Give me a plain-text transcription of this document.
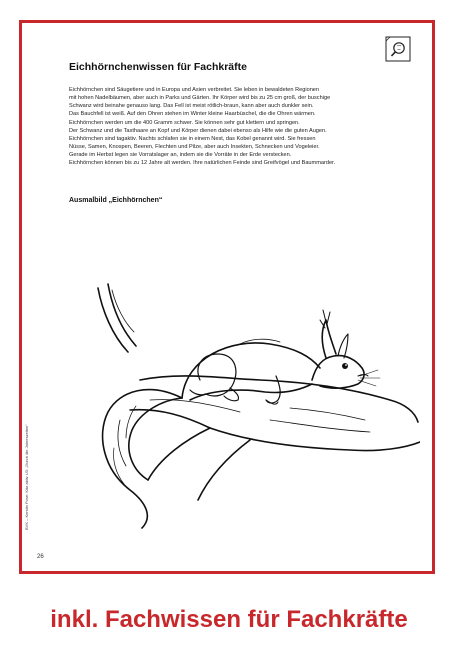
Eichhörnchenwissen für Fachkräfte
Eichhörnchen sind Säugetiere und in Europa und Asien verbreitet. Sie leben in bewaldeten Regionen
mit hohen Nadelbäumen, aber auch in Parks und Gärten. Ihr Körper wird bis zu 25 cm groß, der buschige
Schwanz wird beinahe genauso lang. Das Fell ist meist rötlich-braun, kann aber auch dunkler sein.
Das Bauchfell ist weiß. Auf den Ohren stehen im Winter kleine Haarbüschel, die die Ohren wärmen.
Eichhörnchen werden um die 400 Gramm schwer. Sie können sehr gut klettern und springen.
Der Schwanz und die Tasthaare an Kopf und Körper dienen dabei ebenso als Hilfe wie die guten Augen.
Eichhörnchen sind tagaktiv. Nachts schlafen sie in einem Nest, das Kobel genannt wird. Sie fressen
Nüsse, Samen, Knospen, Beeren, Flechten und Pilze, aber auch Insekten, Schnecken und Vogeleier.
Gerade im Herbst legen sie Vorratslager an, indem sie die Vorräte in der Erde verstecken.
Eichhörnchen können bis zu 12 Jahre alt werden. Ihre natürlichen Feinde sind Greifvögel und Baummarder.
Ausmalbild „Eichhörnchen“
BVK – Kerstin Pose: Kita aktiv U3: „Durch die Jahreszeiten“
26
inkl. Fachwissen für Fachkräfte
